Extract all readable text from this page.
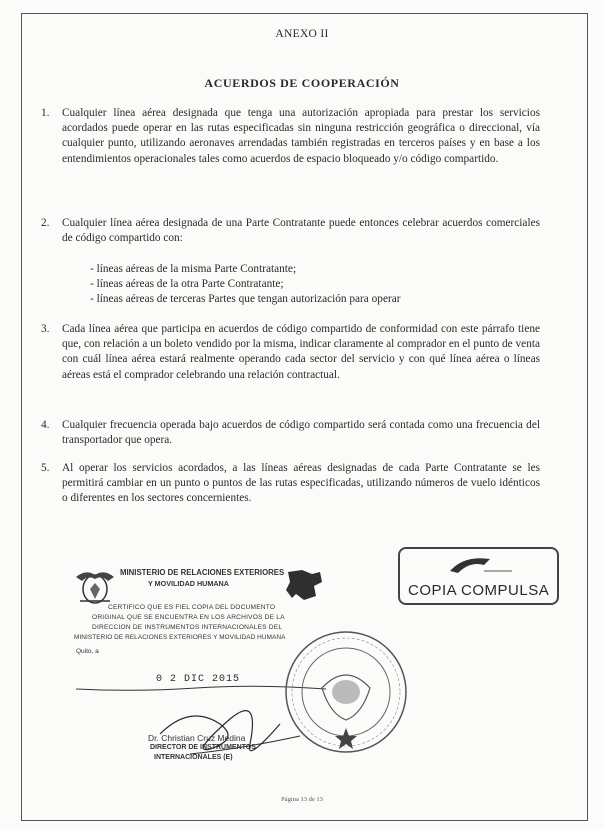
ANEXO II
ACUERDOS DE COOPERACIÓN
1. Cualquier línea aérea designada que tenga una autorización apropiada para prestar los servicios acordados puede operar en las rutas especificadas sin ninguna restricción geográfica o direccional, vía cualquier punto, utilizando aeronaves arrendadas también registradas en terceros países y en base a los entendimientos operacionales tales como acuerdos de espacio bloqueado y/o código compartido.
2. Cualquier línea aérea designada de una Parte Contratante puede entonces celebrar acuerdos comerciales de código compartido con:
- líneas aéreas de la misma Parte Contratante;
- líneas aéreas de la otra Parte Contratante;
- líneas aéreas de terceras Partes que tengan autorización para operar
3. Cada línea aérea que participa en acuerdos de código compartido de conformidad con este párrafo tiene que, con relación a un boleto vendido por la misma, indicar claramente al comprador en el punto de venta con cuál línea aérea estará realmente operando cada sector del servicio y con qué línea aérea o líneas aéreas está el comprador celebrando una relación contractual.
4. Cualquier frecuencia operada bajo acuerdos de código compartido será contada como una frecuencia del transportador que opera.
5. Al operar los servicios acordados, a las líneas aéreas designadas de cada Parte Contratante se les permitirá cambiar en un punto o puntos de las rutas especificadas, utilizando números de vuelo idénticos o diferentes en los sectores concernientes.
MINISTERIO DE RELACIONES EXTERIORES
Y MOVILIDAD HUMANA
CERTIFICO QUE ES FIEL COPIA DEL DOCUMENTO
ORIGINAL QUE SE ENCUENTRA EN LOS ARCHIVOS DE LA
DIRECCION DE INSTRUMENTOS INTERNACIONALES DEL
MINISTERIO DE RELACIONES EXTERIORES Y MOVILIDAD HUMANA
Quito, a
0 2 DIC 2015
Dr. Christian Cruz Medina
DIRECTOR DE INSTRUMENTOS
INTERNACIONALES (E)
COPIA COMPULSA
Página 13 de 13
